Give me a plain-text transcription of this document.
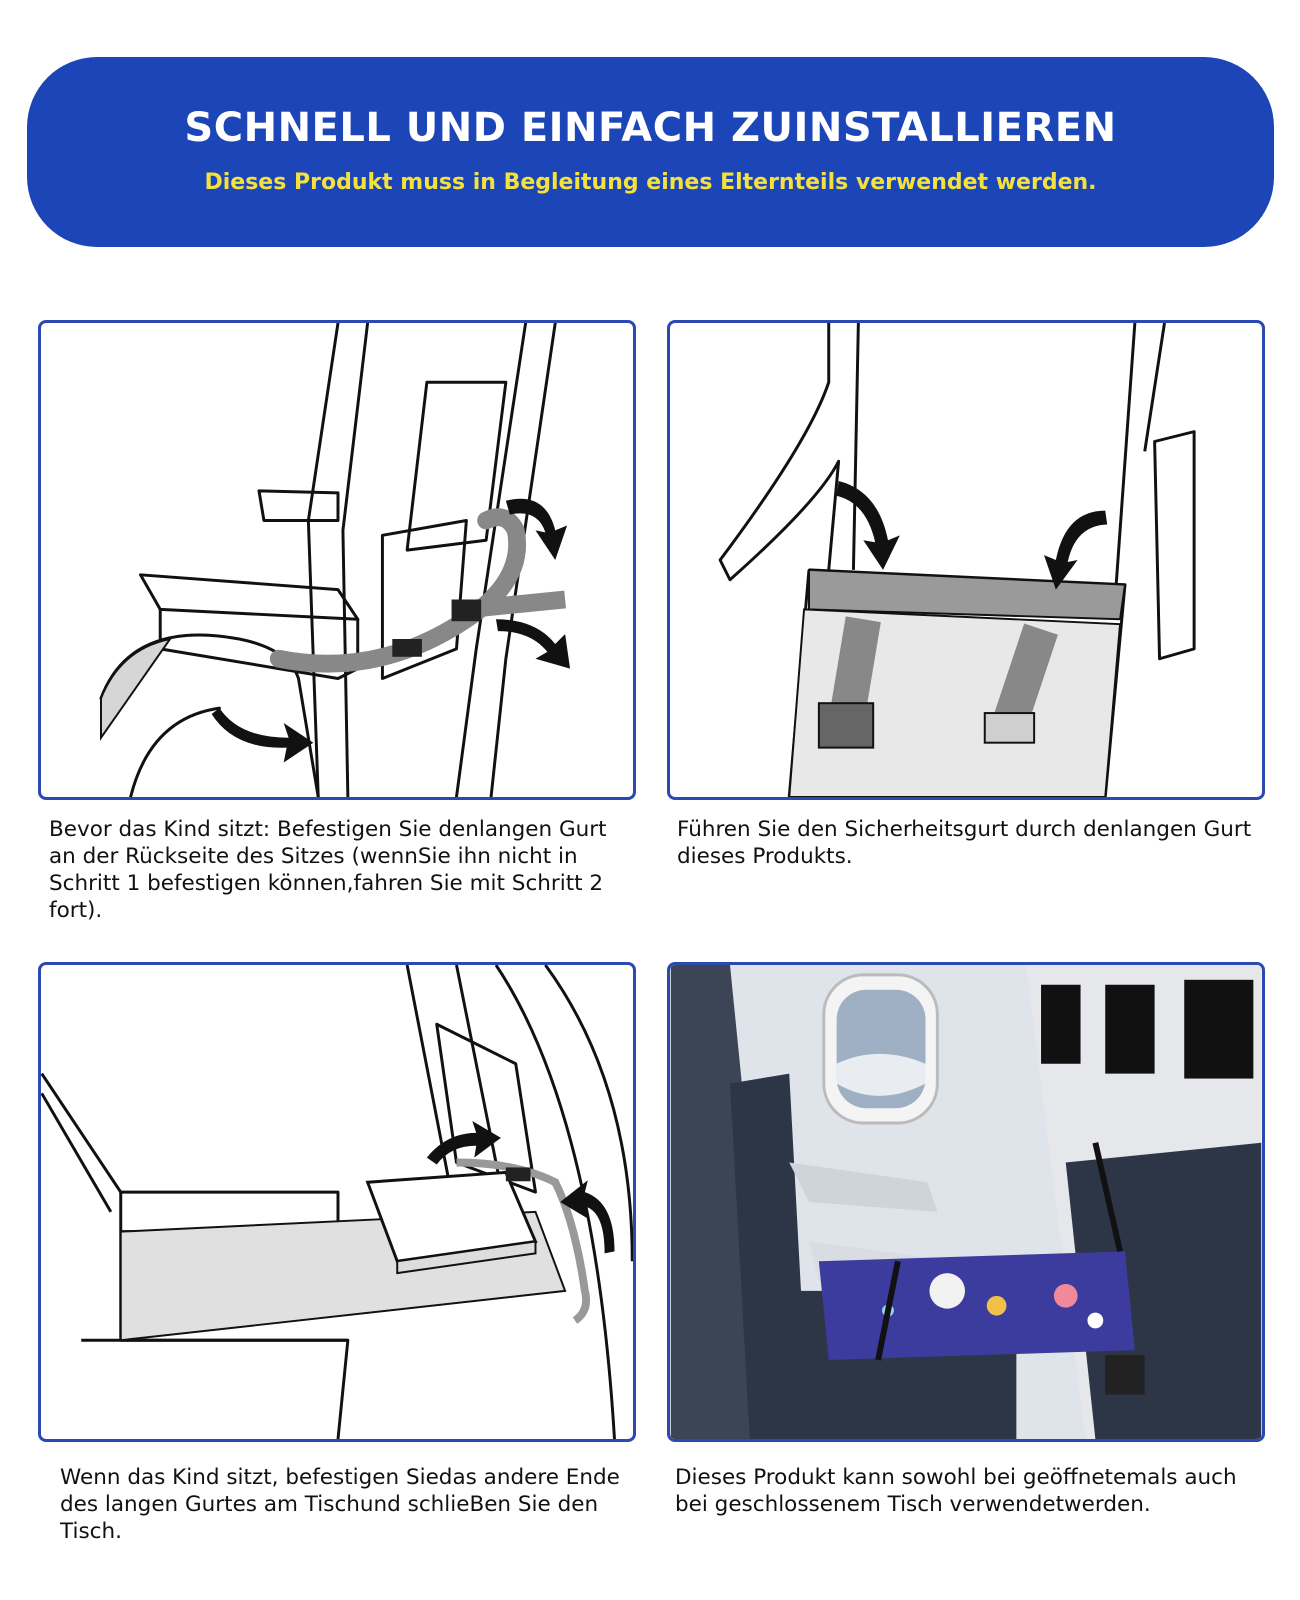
SCHNELL UND EINFACH ZUINSTALLIEREN
Dieses Produkt muss in Begleitung eines Elternteils verwendet werden.
Bevor das Kind sitzt: Befestigen Sie denlangen Gurt an der Rückseite des Sitzes (wennSie ihn nicht in Schritt 1 befestigen können,fahren Sie mit Schritt 2 fort).
Führen Sie den Sicherheitsgurt durch denlangen Gurt dieses Produkts.
Wenn das Kind sitzt, befestigen Siedas andere Ende des langen Gurtes am Tischund schlieBen Sie den Tisch.
Dieses Produkt kann sowohl bei geöffnetemals auch bei geschlossenem Tisch verwendetwerden.
